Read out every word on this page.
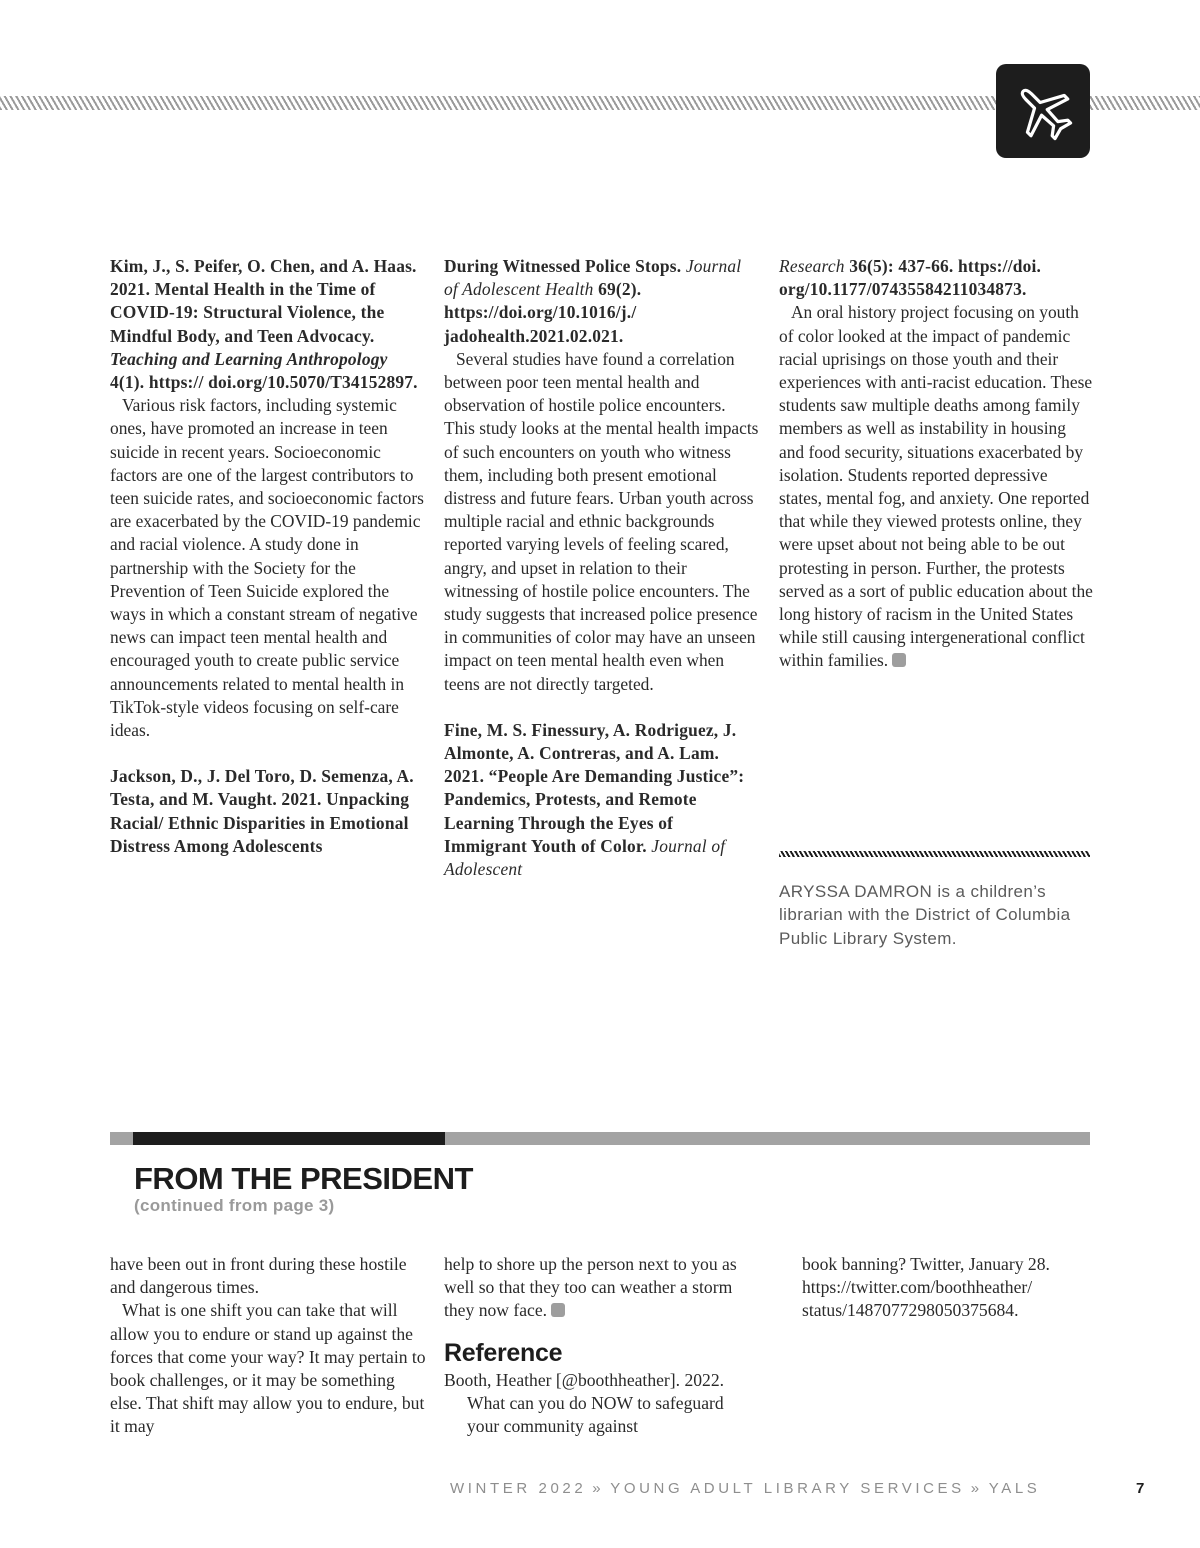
Kim, J., S. Peifer, O. Chen, and A. Haas. 2021. Mental Health in the Time of COVID-19: Structural Violence, the Mindful Body, and Teen Advocacy. Teaching and Learning Anthropology 4(1). https:// doi.org/10.5070/T34152897.

Various risk factors, including systemic ones, have promoted an increase in teen suicide in recent years. Socioeconomic factors are one of the largest contributors to teen suicide rates, and socioeconomic factors are exacerbated by the COVID-19 pandemic and racial violence. A study done in partnership with the Society for the Prevention of Teen Suicide explored the ways in which a constant stream of negative news can impact teen mental health and encouraged youth to create public service announcements related to mental health in TikTok-style videos focusing on self-care ideas.

Jackson, D., J. Del Toro, D. Semenza, A. Testa, and M. Vaught. 2021. Unpacking Racial/ Ethnic Disparities in Emotional Distress Among Adolescents

During Witnessed Police Stops. Journal of Adolescent Health 69(2). https://doi.org/10.1016/j./ jadohealth.2021.02.021.

Several studies have found a correlation between poor teen mental health and observation of hostile police encounters. This study looks at the mental health impacts of such encounters on youth who witness them, including both present emotional distress and future fears. Urban youth across multiple racial and ethnic backgrounds reported varying levels of feeling scared, angry, and upset in relation to their witnessing of hostile police encounters. The study suggests that increased police presence in communities of color may have an unseen impact on teen mental health even when teens are not directly targeted.

Fine, M. S. Finessury, A. Rodriguez, J. Almonte, A. Contreras, and A. Lam. 2021. “People Are Demanding Justice”: Pandemics, Protests, and Remote Learning Through the Eyes of Immigrant Youth of Color. Journal of Adolescent

Research 36(5): 437-66. https://doi. org/10.1177/07435584211034873.

An oral history project focusing on youth of color looked at the impact of pandemic racial uprisings on those youth and their experiences with anti-racist education. These students saw multiple deaths among family members as well as instability in housing and food security, situations exacerbated by isolation. Students reported depressive states, mental fog, and anxiety. One reported that while they viewed protests online, they were upset about not being able to be out protesting in person. Further, the protests served as a sort of public education about the long history of racism in the United States while still causing intergenerational conflict within families.

ARYSSA DAMRON is a children’s librarian with the District of Columbia Public Library System.
FROM THE PRESIDENT
(continued from page 3)

have been out in front during these hostile and dangerous times.

What is one shift you can take that will allow you to endure or stand up against the forces that come your way? It may pertain to book challenges, or it may be something else. That shift may allow you to endure, but it may

help to shore up the person next to you as well so that they too can weather a storm they now face.

Reference

Booth, Heather [@boothheather]. 2022. What can you do NOW to safeguard your community against

book banning? Twitter, January 28. https://twitter.com/boothheather/ status/1487077298050375684.

WINTER 2022 » YOUNG ADULT LIBRARY SERVICES » YALS	7
